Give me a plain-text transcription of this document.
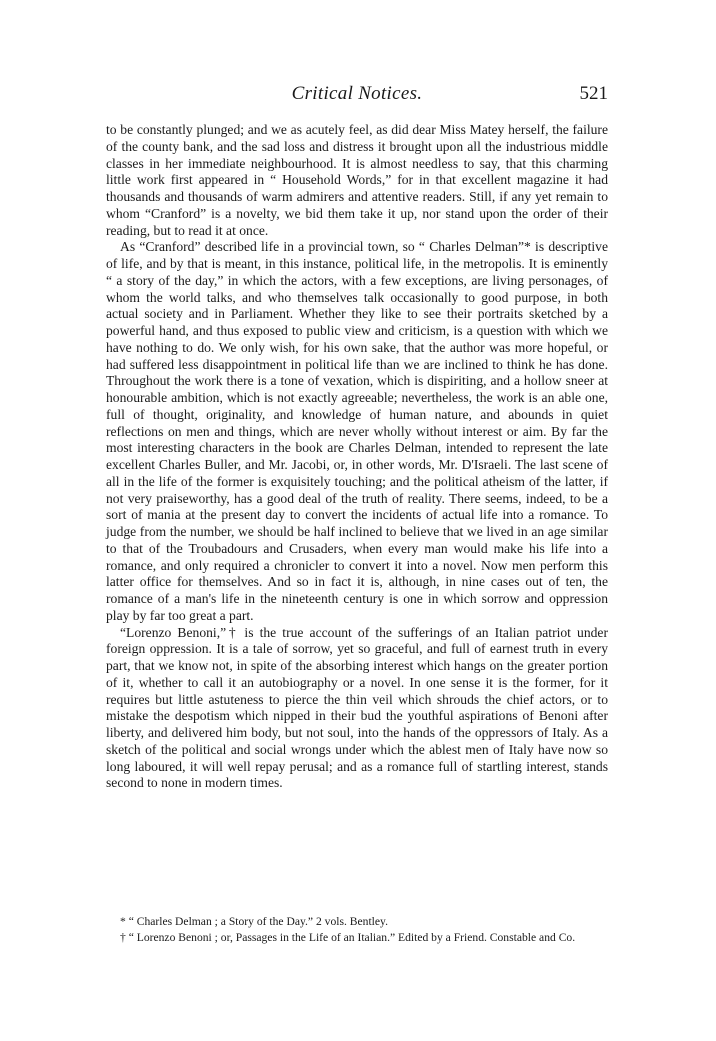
Critical Notices.	521

to be constantly plunged; and we as acutely feel, as did dear Miss Matey herself, the failure of the county bank, and the sad loss and distress it brought upon all the industrious middle classes in her immediate neighbourhood. It is almost needless to say, that this charming little work first appeared in “ Household Words,” for in that excellent magazine it had thousands and thousands of warm admirers and attentive readers. Still, if any yet remain to whom “Cranford” is a novelty, we bid them take it up, nor stand upon the order of their reading, but to read it at once.

As “Cranford” described life in a provincial town, so “ Charles Delman”* is descriptive of life, and by that is meant, in this instance, political life, in the metropolis. It is eminently “ a story of the day,” in which the actors, with a few exceptions, are living personages, of whom the world talks, and who themselves talk occasionally to good purpose, in both actual society and in Parliament. Whether they like to see their portraits sketched by a powerful hand, and thus exposed to public view and criticism, is a question with which we have nothing to do. We only wish, for his own sake, that the author was more hopeful, or had suffered less disappointment in political life than we are inclined to think he has done. Throughout the work there is a tone of vexation, which is dispiriting, and a hollow sneer at honourable ambition, which is not exactly agreeable; nevertheless, the work is an able one, full of thought, originality, and knowledge of human nature, and abounds in quiet reflections on men and things, which are never wholly without interest or aim. By far the most interesting characters in the book are Charles Delman, intended to represent the late excellent Charles Buller, and Mr. Jacobi, or, in other words, Mr. D'Israeli. The last scene of all in the life of the former is exquisitely touching; and the political atheism of the latter, if not very praiseworthy, has a good deal of the truth of reality. There seems, indeed, to be a sort of mania at the present day to convert the incidents of actual life into a romance. To judge from the number, we should be half inclined to believe that we lived in an age similar to that of the Troubadours and Crusaders, when every man would make his life into a romance, and only required a chronicler to convert it into a novel. Now men perform this latter office for themselves. And so in fact it is, although, in nine cases out of ten, the romance of a man's life in the nineteenth century is one in which sorrow and oppression play by far too great a part.

“Lorenzo Benoni,”† is the true account of the sufferings of an Italian patriot under foreign oppression. It is a tale of sorrow, yet so graceful, and full of earnest truth in every part, that we know not, in spite of the absorbing interest which hangs on the greater portion of it, whether to call it an autobiography or a novel. In one sense it is the former, for it requires but little astuteness to pierce the thin veil which shrouds the chief actors, or to mistake the despotism which nipped in their bud the youthful aspirations of Benoni after liberty, and delivered him body, but not soul, into the hands of the oppressors of Italy. As a sketch of the political and social wrongs under which the ablest men of Italy have now so long laboured, it will well repay perusal; and as a romance full of startling interest, stands second to none in modern times.

* “ Charles Delman ; a Story of the Day.” 2 vols. Bentley.

† “ Lorenzo Benoni ; or, Passages in the Life of an Italian.” Edited by a Friend. Constable and Co.
